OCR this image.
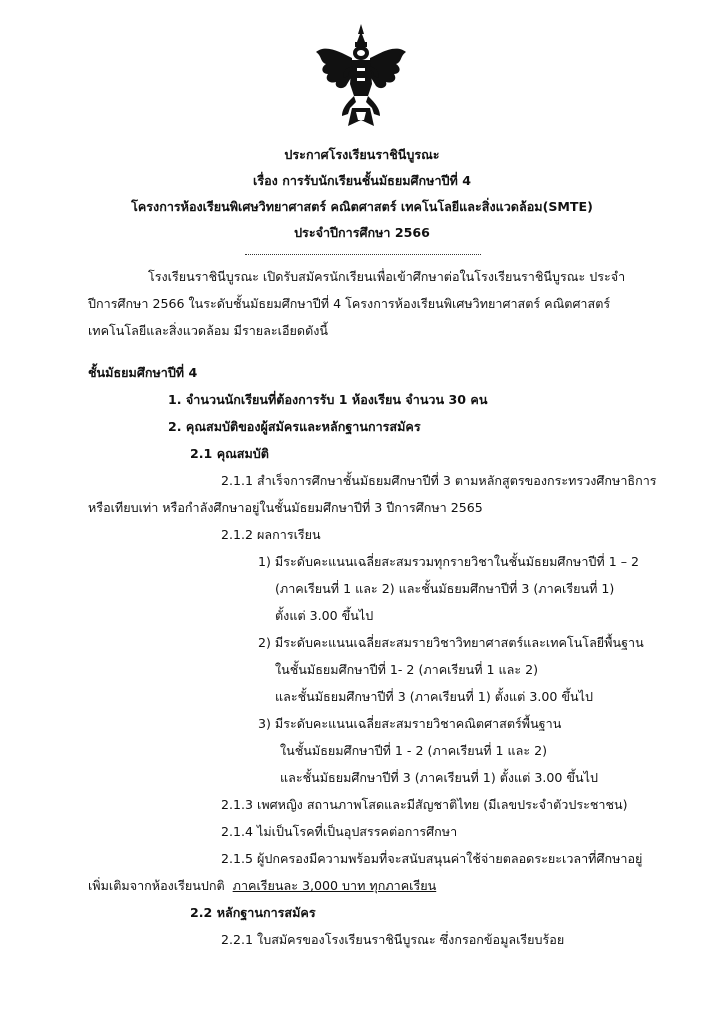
ประกาศโรงเรียนราชินีบูรณะ
เรื่อง การรับนักเรียนชั้นมัธยมศึกษาปีที่ 4
โครงการห้องเรียนพิเศษวิทยาศาสตร์ คณิตศาสตร์ เทคโนโลยีและสิ่งแวดล้อม(SMTE)
ประจำปีการศึกษา 2566
โรงเรียนราชินีบูรณะ เปิดรับสมัครนักเรียนเพื่อเข้าศึกษาต่อในโรงเรียนราชินีบูรณะ ประจำ
ปีการศึกษา 2566 ในระดับชั้นมัธยมศึกษาปีที่ 4 โครงการห้องเรียนพิเศษวิทยาศาสตร์ คณิตศาสตร์
เทคโนโลยีและสิ่งแวดล้อม มีรายละเอียดดังนี้
ชั้นมัธยมศึกษาปีที่ 4
1. จำนวนนักเรียนที่ต้องการรับ 1 ห้องเรียน จำนวน 30 คน
2. คุณสมบัติของผู้สมัครและหลักฐานการสมัคร
2.1 คุณสมบัติ
2.1.1 สำเร็จการศึกษาชั้นมัธยมศึกษาปีที่ 3 ตามหลักสูตรของกระทรวงศึกษาธิการ
หรือเทียบเท่า หรือกำลังศึกษาอยู่ในชั้นมัธยมศึกษาปีที่ 3 ปีการศึกษา 2565
2.1.2 ผลการเรียน
1) มีระดับคะแนนเฉลี่ยสะสมรวมทุกรายวิชาในชั้นมัธยมศึกษาปีที่ 1 – 2
(ภาคเรียนที่ 1 และ 2) และชั้นมัธยมศึกษาปีที่ 3 (ภาคเรียนที่ 1)
ตั้งแต่ 3.00 ขึ้นไป
2) มีระดับคะแนนเฉลี่ยสะสมรายวิชาวิทยาศาสตร์และเทคโนโลยีพื้นฐาน
ในชั้นมัธยมศึกษาปีที่ 1- 2 (ภาคเรียนที่ 1 และ 2)
และชั้นมัธยมศึกษาปีที่ 3 (ภาคเรียนที่ 1) ตั้งแต่ 3.00 ขึ้นไป
3) มีระดับคะแนนเฉลี่ยสะสมรายวิชาคณิตศาสตร์พื้นฐาน
ในชั้นมัธยมศึกษาปีที่ 1 - 2 (ภาคเรียนที่ 1 และ 2)
และชั้นมัธยมศึกษาปีที่ 3 (ภาคเรียนที่ 1) ตั้งแต่ 3.00 ขึ้นไป
2.1.3 เพศหญิง สถานภาพโสดและมีสัญชาติไทย (มีเลขประจำตัวประชาชน)
2.1.4 ไม่เป็นโรคที่เป็นอุปสรรคต่อการศึกษา
2.1.5 ผู้ปกครองมีความพร้อมที่จะสนับสนุนค่าใช้จ่ายตลอดระยะเวลาที่ศึกษาอยู่
เพิ่มเติมจากห้องเรียนปกติ ภาคเรียนละ 3,000 บาท ทุกภาคเรียน
2.2 หลักฐานการสมัคร
2.2.1 ใบสมัครของโรงเรียนราชินีบูรณะ ซึ่งกรอกข้อมูลเรียบร้อย
